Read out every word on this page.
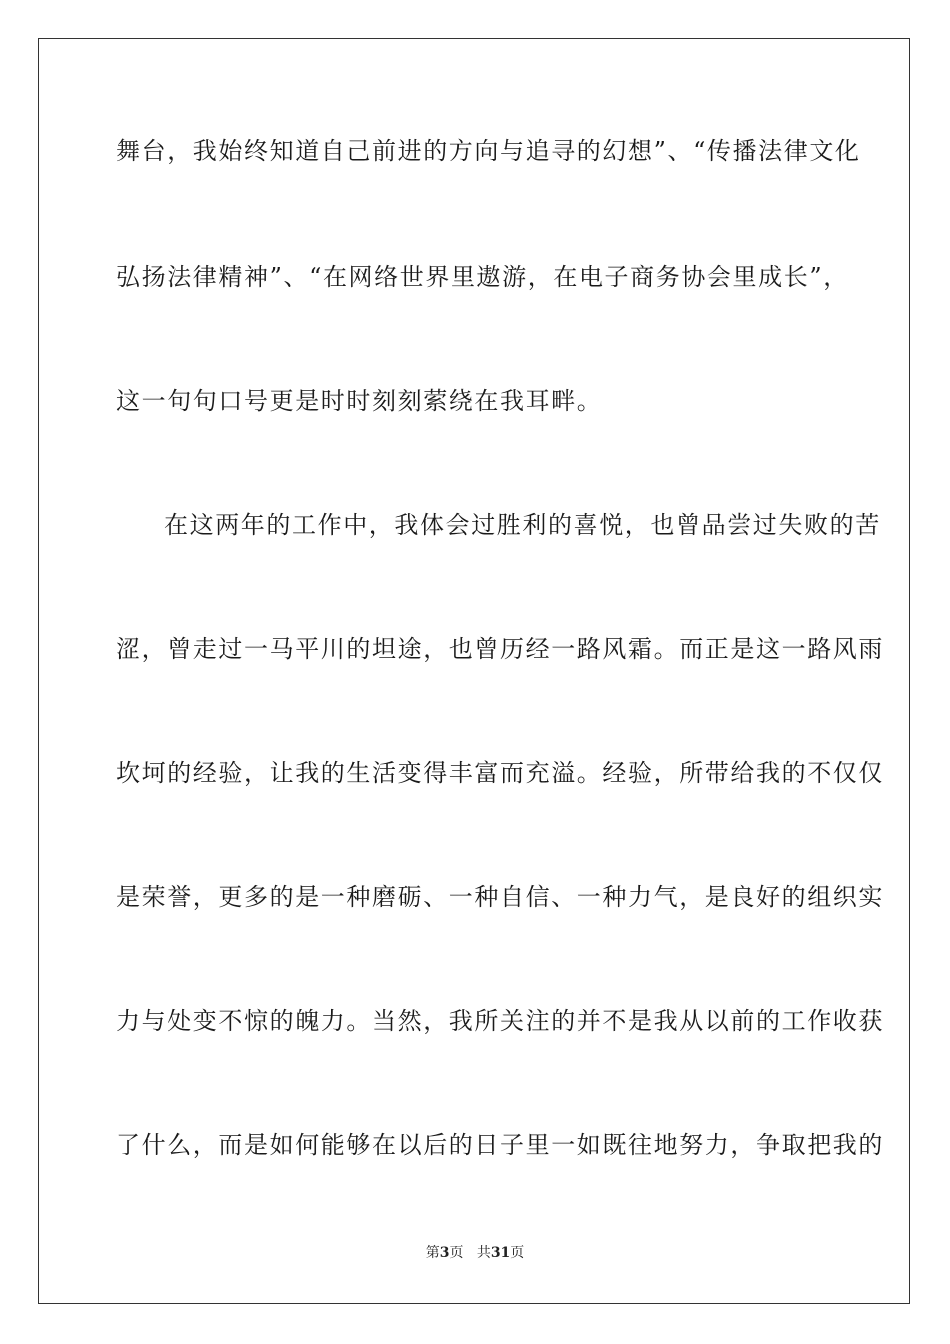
舞台，我始终知道自己前进的方向与追寻的幻想”、“传播法律文化
弘扬法律精神”、“在网络世界里遨游，在电子商务协会里成长”，
这一句句口号更是时时刻刻萦绕在我耳畔。
在这两年的工作中，我体会过胜利的喜悦，也曾品尝过失败的苦
涩，曾走过一马平川的坦途，也曾历经一路风霜。而正是这一路风雨
坎坷的经验，让我的生活变得丰富而充溢。经验，所带给我的不仅仅
是荣誉，更多的是一种磨砺、一种自信、一种力气，是良好的组织实
力与处变不惊的魄力。当然，我所关注的并不是我从以前的工作收获
了什么，而是如何能够在以后的日子里一如既往地努力，争取把我的
第3页 共31页
